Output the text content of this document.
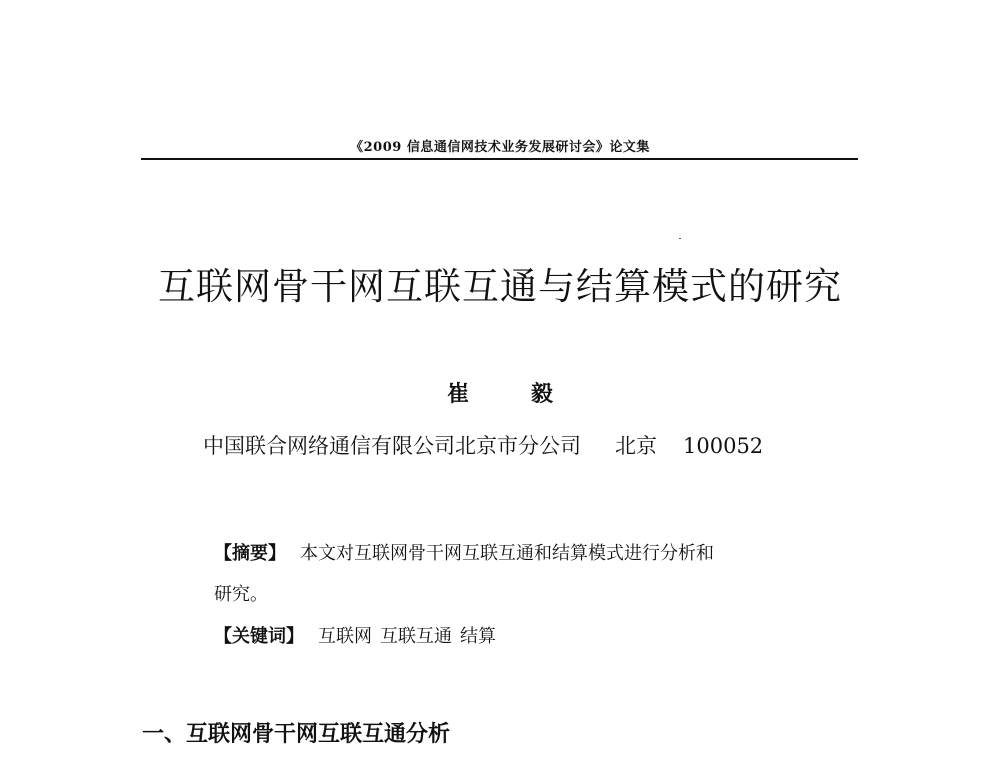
《2009 信息通信网技术业务发展研讨会》论文集
互联网骨干网互联互通与结算模式的研究
崔 毅
中国联合网络通信有限公司北京市分公司 北京 100052
【摘要】 本文对互联网骨干网互联互通和结算模式进行分析和
研究。
【关键词】 互联网 互联互通 结算
一、互联网骨干网互联互通分析
